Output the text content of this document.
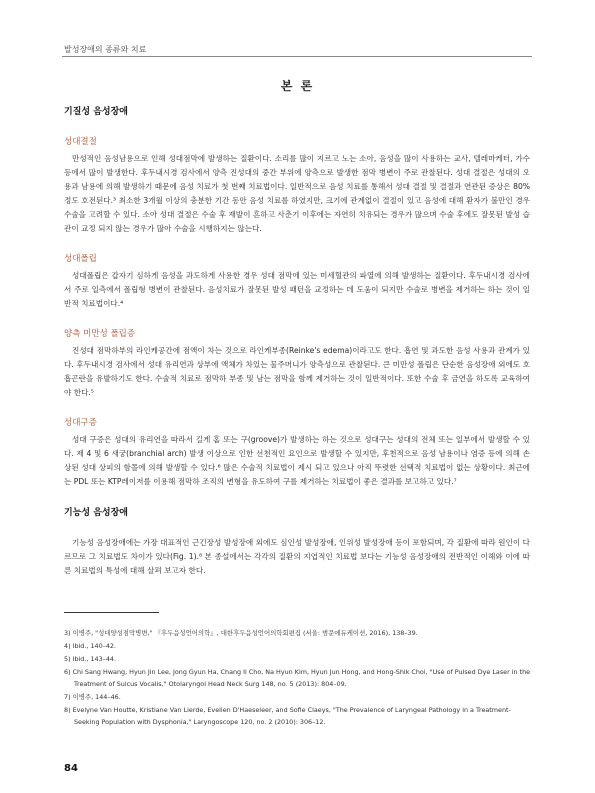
발성장애의 종류와 치료
본 론
기질성 음성장애
성대결절

만성적인 음성남용으로 인해 성대점막에 발생하는 질환이다. 소리를 많이 지르고 노는 소아, 음성을 많이 사용하는 교사, 텔레마케터, 가수 등에서 많이 발생한다. 후두내시경 검사에서 양측 진성대의 중간 부위에 양측으로 발생한 점막 병변이 주로 관찰된다. 성대 결절은 성대의 오용과 남용에 의해 발생하기 때문에 음성 치료가 첫 번째 치료법이다. 일반적으로 음성 치료를 통해서 성대 결절 및 결절과 연관된 증상은 80% 정도 호전된다.³ 최소한 3개월 이상의 충분한 기간 동안 음성 치료를 하였지만, 크기에 관계없이 결절이 있고 음성에 대해 환자가 불만인 경우 수술을 고려할 수 있다. 소아 성대 결절은 수술 후 재발이 흔하고 사춘기 이후에는 자연히 치유되는 경우가 많으며 수술 후에도 잘못된 발성 습관이 교정 되지 않는 경우가 많아 수술을 시행하지는 않는다.

성대폴립

성대폴립은 갑자기 심하게 음성을 과도하게 사용한 경우 성대 점막에 있는 미세혈관의 파열에 의해 발생하는 질환이다. 후두내시경 검사에서 주로 일측에서 폴립형 병변이 관찰된다. 음성치료가 잘못된 발성 패턴을 교정하는 데 도움이 되지만 수술로 병변을 제거하는 하는 것이 일반적 치료법이다.⁴

양측 미만성 폴립증

진성대 점막하부의 라인케공간에 점액이 차는 것으로 라인케부종(Reinke's edema)이라고도 한다. 흡연 및 과도한 음성 사용과 관계가 있다. 후두내시경 검사에서 성대 유리연과 상부에 액체가 차있는 물주머니가 양측성으로 관찰된다. 큰 미만성 폴립은 단순한 음성장애 외에도 호흡곤란을 유발하기도 한다. 수술적 치료로 점막하 부종 및 남는 점막을 함께 제거하는 것이 일반적이다. 또한 수술 후 금연을 하도록 교육하여야 한다.⁵

성대구증

성대 구증은 성대의 유리연을 따라서 길게 홈 또는 구(groove)가 발생하는 하는 것으로 성대구는 성대의 전체 또는 일부에서 발생할 수 있다. 제 4 및 6 새궁(branchial arch) 발생 이상으로 인한 선천적인 요인으로 발생할 수 있지만, 후천적으로 음성 남용이나 염증 등에 의해 손상된 성대 상피의 함몰에 의해 발생할 수 있다.⁶ 많은 수술적 치료법이 제시 되고 있으나 아직 뚜렷한 선택적 치료법이 없는 상황이다. 최근에는 PDL 또는 KTP레이저를 이용해 점막하 조직의 변형을 유도하여 구를 제거하는 치료법이 좋은 결과를 보고하고 있다.⁷

기능성 음성장애

기능성 음성장애에는 가장 대표적인 근긴장성 발성장애 외에도 심인성 발성장애, 인위성 발성장애 등이 포함되며, 각 질환에 따라 원인이 다르므로 그 치료법도 차이가 있다(Fig. 1).⁸ 본 종설에서는 각각의 질환의 지엽적인 치료법 보다는 기능성 음성장애의 전반적인 이해와 이에 따른 치료법의 특성에 대해 살펴 보고자 한다.

3) 이병주, "성대양성점막병변," 『후두음성언어의학』, 대한후두음성언어의학회편집 (서울: 범문에듀케이션, 2016), 138–39.

4) Ibid., 140–42.

5) Ibid., 143–44.

6) Chi Sang Hwang, Hyun Jin Lee, Jong Gyun Ha, Chang Il Cho, Na Hyun Kim, Hyun Jun Hong, and Hong-Shik Choi, "Use of Pulsed Dye Laser in the Treatment of Sulcus Vocalis," Otolaryngol Head Neck Surg 148, no. 5 (2013): 804–09.

7) 이병주, 144–46.

8) Evelyne Van Houtte, Kristiane Van Lierde, Evelien D'Haeseleer, and Sofie Claeys, "The Prevalence of Laryngeal Pathology in a Treatment-Seeking Population with Dysphonia," Laryngoscope 120, no. 2 (2010): 306–12.

84
